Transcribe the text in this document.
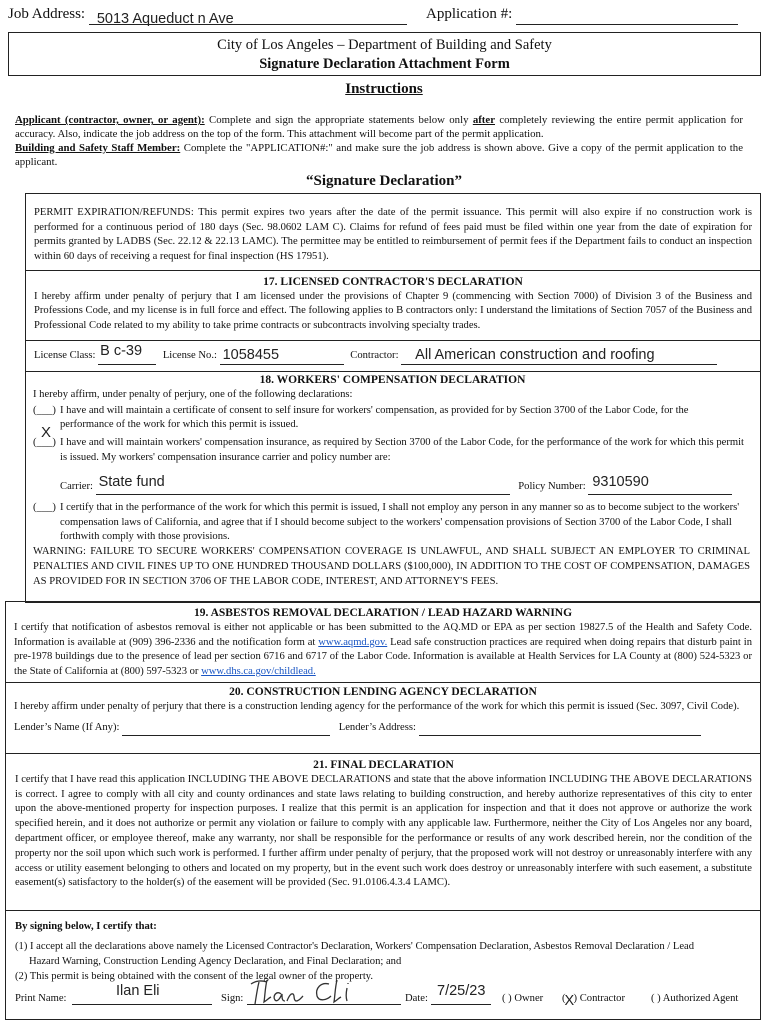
Job Address: 5013 Aqueduct n Ave	Application #:
City of Los Angeles – Department of Building and Safety
Signature Declaration Attachment Form
Instructions

Applicant (contractor, owner, or agent): Complete and sign the appropriate statements below only after completely reviewing the entire permit application for accuracy. Also, indicate the job address on the top of the form. This attachment will become part of the permit application.

Building and Safety Staff Member: Complete the "APPLICATION#:" and make sure the job address is shown above. Give a copy of the permit application to the applicant.

“Signature Declaration”

PERMIT EXPIRATION/REFUNDS: This permit expires two years after the date of the permit issuance. This permit will also expire if no construction work is performed for a continuous period of 180 days (Sec. 98.0602 LAM C). Claims for refund of fees paid must be filed within one year from the date of expiration for permits granted by LADBS (Sec. 22.12 & 22.13 LAMC). The permittee may be entitled to reimbursement of permit fees if the Department fails to conduct an inspection within 60 days of receiving a request for final inspection (HS 17951).

17. LICENSED CONTRACTOR'S DECLARATION

I hereby affirm under penalty of perjury that I am licensed under the provisions of Chapter 9 (commencing with Section 7000) of Division 3 of the Business and Professions Code, and my license is in full force and effect. The following applies to B contractors only: I understand the limitations of Section 7057 of the Business and Professional Code related to my ability to take prime contracts or subcontracts involving specialty trades.

License Class: B c-39 License No.: 1058455	Contractor: All American construction and roofing

18. WORKERS' COMPENSATION DECLARATION

I hereby affirm, under penalty of perjury, one of the following declarations:

(___) I have and will maintain a certificate of consent to self insure for workers' compensation, as provided for by Section 3700 of the Labor Code, for the performance of the work for which this permit is issued.

(___)
X

I have and will maintain workers' compensation insurance, as required by Section 3700 of the Labor Code, for the performance of the work for which this permit is issued. My workers' compensation insurance carrier and policy number are:

Carrier: State fund	Policy Number: 9310590
(___) I certify that in the performance of the work for which this permit is issued, I shall not employ any person in any manner so as to become subject to the workers' compensation laws of California, and agree that if I should become subject to the workers' compensation provisions of Section 3700 of the Labor Code, I shall forthwith comply with those provisions.

WARNING: FAILURE TO SECURE WORKERS' COMPENSATION COVERAGE IS UNLAWFUL, AND SHALL SUBJECT AN EMPLOYER TO CRIMINAL PENALTIES AND CIVIL FINES UP TO ONE HUNDRED THOUSAND DOLLARS ($100,000), IN ADDITION TO THE COST OF COMPENSATION, DAMAGES AS PROVIDED FOR IN SECTION 3706 OF THE LABOR CODE, INTEREST, AND ATTORNEY'S FEES.

19. ASBESTOS REMOVAL DECLARATION / LEAD HAZARD WARNING

I certify that notification of asbestos removal is either not applicable or has been submitted to the AQ.MD or EPA as per section 19827.5 of the Health and Safety Code. Information is available at (909) 396-2336 and the notification form at www.aqmd.gov. Lead safe construction practices are required when doing repairs that disturb paint in pre-1978 buildings due to the presence of lead per section 6716 and 6717 of the Labor Code. Information is available at Health Services for LA County at (800) 524-5323 or the State of California at (800) 597-5323 or www.dhs.ca.gov/childlead.

20. CONSTRUCTION LENDING AGENCY DECLARATION

I hereby affirm under penalty of perjury that there is a construction lending agency for the performance of the work for which this permit is issued (Sec. 3097, Civil Code).

Lender’s Name (If Any):	Lender’s Address:

21. FINAL DECLARATION

I certify that I have read this application INCLUDING THE ABOVE DECLARATIONS and state that the above information INCLUDING THE ABOVE DECLARATIONS is correct. I agree to comply with all city and county ordinances and state laws relating to building construction, and hereby authorize representatives of this city to enter upon the above-mentioned property for inspection purposes. I realize that this permit is an application for inspection and that it does not approve or authorize the work specified herein, and it does not authorize or permit any violation or failure to comply with any applicable law. Furthermore, neither the City of Los Angeles nor any board, department officer, or employee thereof, make any warranty, nor shall be responsible for the performance or results of any work described herein, nor the condition of the property nor the soil upon which such work is performed. I further affirm under penalty of perjury, that the proposed work will not destroy or unreasonably interfere with any access or utility easement belonging to others and located on my property, but in the event such work does destroy or unreasonably interfere with such easement, a substitute easement(s) satisfactory to the holder(s) of the easement will be provided (Sec. 91.0106.4.3.4 LAMC).

By signing below, I certify that:

(1) I accept all the declarations above namely the Licensed Contractor's Declaration, Workers' Compensation Declaration, Asbestos Removal Declaration / Lead Hazard Warning, Construction Lending Agency Declaration, and Final Declaration; and

(2) This permit is being obtained with the consent of the legal owner of the property.

Print Name:	Ilan Eli	Sign:	Date: 7/25/23 ( ) Owner (X) Contractor ( ) Authorized Agent
